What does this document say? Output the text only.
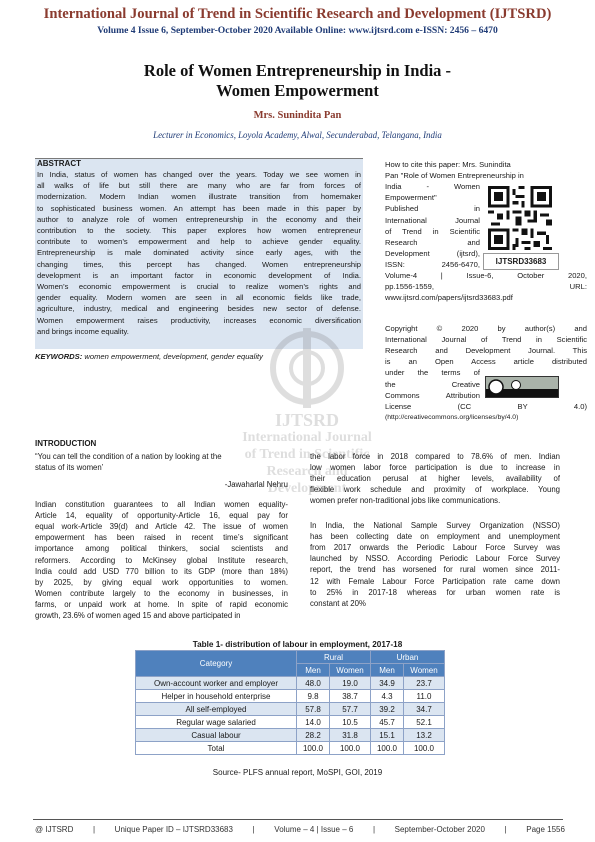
International Journal of Trend in Scientific Research and Development (IJTSRD)
Volume 4 Issue 6, September-October 2020 Available Online: www.ijtsrd.com e-ISSN: 2456 – 6470
Role of Women Entrepreneurship in India -
Women Empowerment
Mrs. Sunindita Pan
Lecturer in Economics, Loyola Academy, Alwal, Secunderabad, Telangana, India
ABSTRACT
In India, status of women has changed over the years. Today we see women in
all walks of life but still there are many who are far from forces of
modernization. Modern Indian women illustrate transition from homemaker
to sophisticated business women. An attempt has been made in this paper by
author to analyze role of women entrepreneurship in the economy and their
contribution to the society. This paper explores how women entrepreneur
contribute to women’s empowerment and help to achieve gender equality.
Entrepreneurship is male dominated activity since early ages, with the
changing times, this percept has changed. Women entrepreneurship
development is an important factor in economic development of India.
Women’s economic empowerment is crucial to realize women’s rights and
gender equality. Modern women are seen in all economic fields like trade,
agriculture, industry, medical and engineering besides new sector of defense.
Women empowerment raises productivity, increases economic diversification
and brings income equality.
KEYWORDS: women empowerment, development, gender equality
How to cite this paper: Mrs. Sunindita
Pan "Role of Women Entrepreneurship in
India - Women
Empowerment"
Published in
International Journal
of Trend in Scientific
Research and
Development (ijtsrd),
ISSN: 2456-6470,
Volume-4 | Issue-6, October 2020,
pp.1556-1559, URL:
www.ijtsrd.com/papers/ijtsrd33683.pdf
IJTSRD33683
Copyright © 2020 by author(s) and
International Journal of Trend in Scientific
Research and Development Journal. This
is an Open Access article distributed
under the terms of
the Creative
Commons Attribution
License (CC BY 4.0)
(http://creativecommons.org/licenses/by/4.0)
IJTSRD
International Journal
of Trend in Scientific
Research and
Development
INTRODUCTION
“You can tell the condition of a nation by looking at the
status of its women’
-Jawaharlal Nehru
Indian constitution guarantees to all Indian women equality-
Article 14, equality of opportunity-Article 16, equal pay for
equal work-Article 39(d) and Article 42. The issue of women
empowerment has been raised in recent time’s significant
importance among political thinkers, social scientists and
reformers. According to McKinsey global Institute research,
India could add USD 770 billion to its GDP (more than 18%)
by 2025, by giving equal work opportunities to women.
Women contribute largely to the economy in businesses, in
farms, or unpaid work at home. In spite of rapid economic
growth, 23.6% of women aged 15 and above participated in
the labor force in 2018 compared to 78.6% of men. Indian
low women labor force participation is due to increase in
their education perusal at higher levels, availability of
flexible work schedule and proximity of workplace. Young
women prefer non-traditional jobs like communications.
In India, the National Sample Survey Organization (NSSO)
has been collecting date on employment and unemployment
from 2017 onwards the Periodic Labour Force Survey was
launched by NSSO. According Periodic Labour Force Survey
report, the trend has worsened for rural women since 2011-
12 with Female Labour Force Participation rate came down
to 25% in 2017-18 whereas for urban women rate is
constant at 20%
Table 1- distribution of labour in employment, 2017-18
Category	Rural		Urban	
	Men	Women	Men	Women
Own-account worker and employer	48.0	19.0	34.9	23.7
Helper in household enterprise	9.8	38.7	4.3	11.0
All self-employed	57.8	57.7	39.2	34.7
Regular wage salaried	14.0	10.5	45.7	52.1
Casual labour	28.2	31.8	15.1	13.2
Total	100.0	100.0	100.0	100.0
Source- PLFS annual report, MoSPI, GOI, 2019
@ IJTSRD | Unique Paper ID – IJTSRD33683 | Volume – 4 | Issue – 6 | September-October 2020 | Page 1556
